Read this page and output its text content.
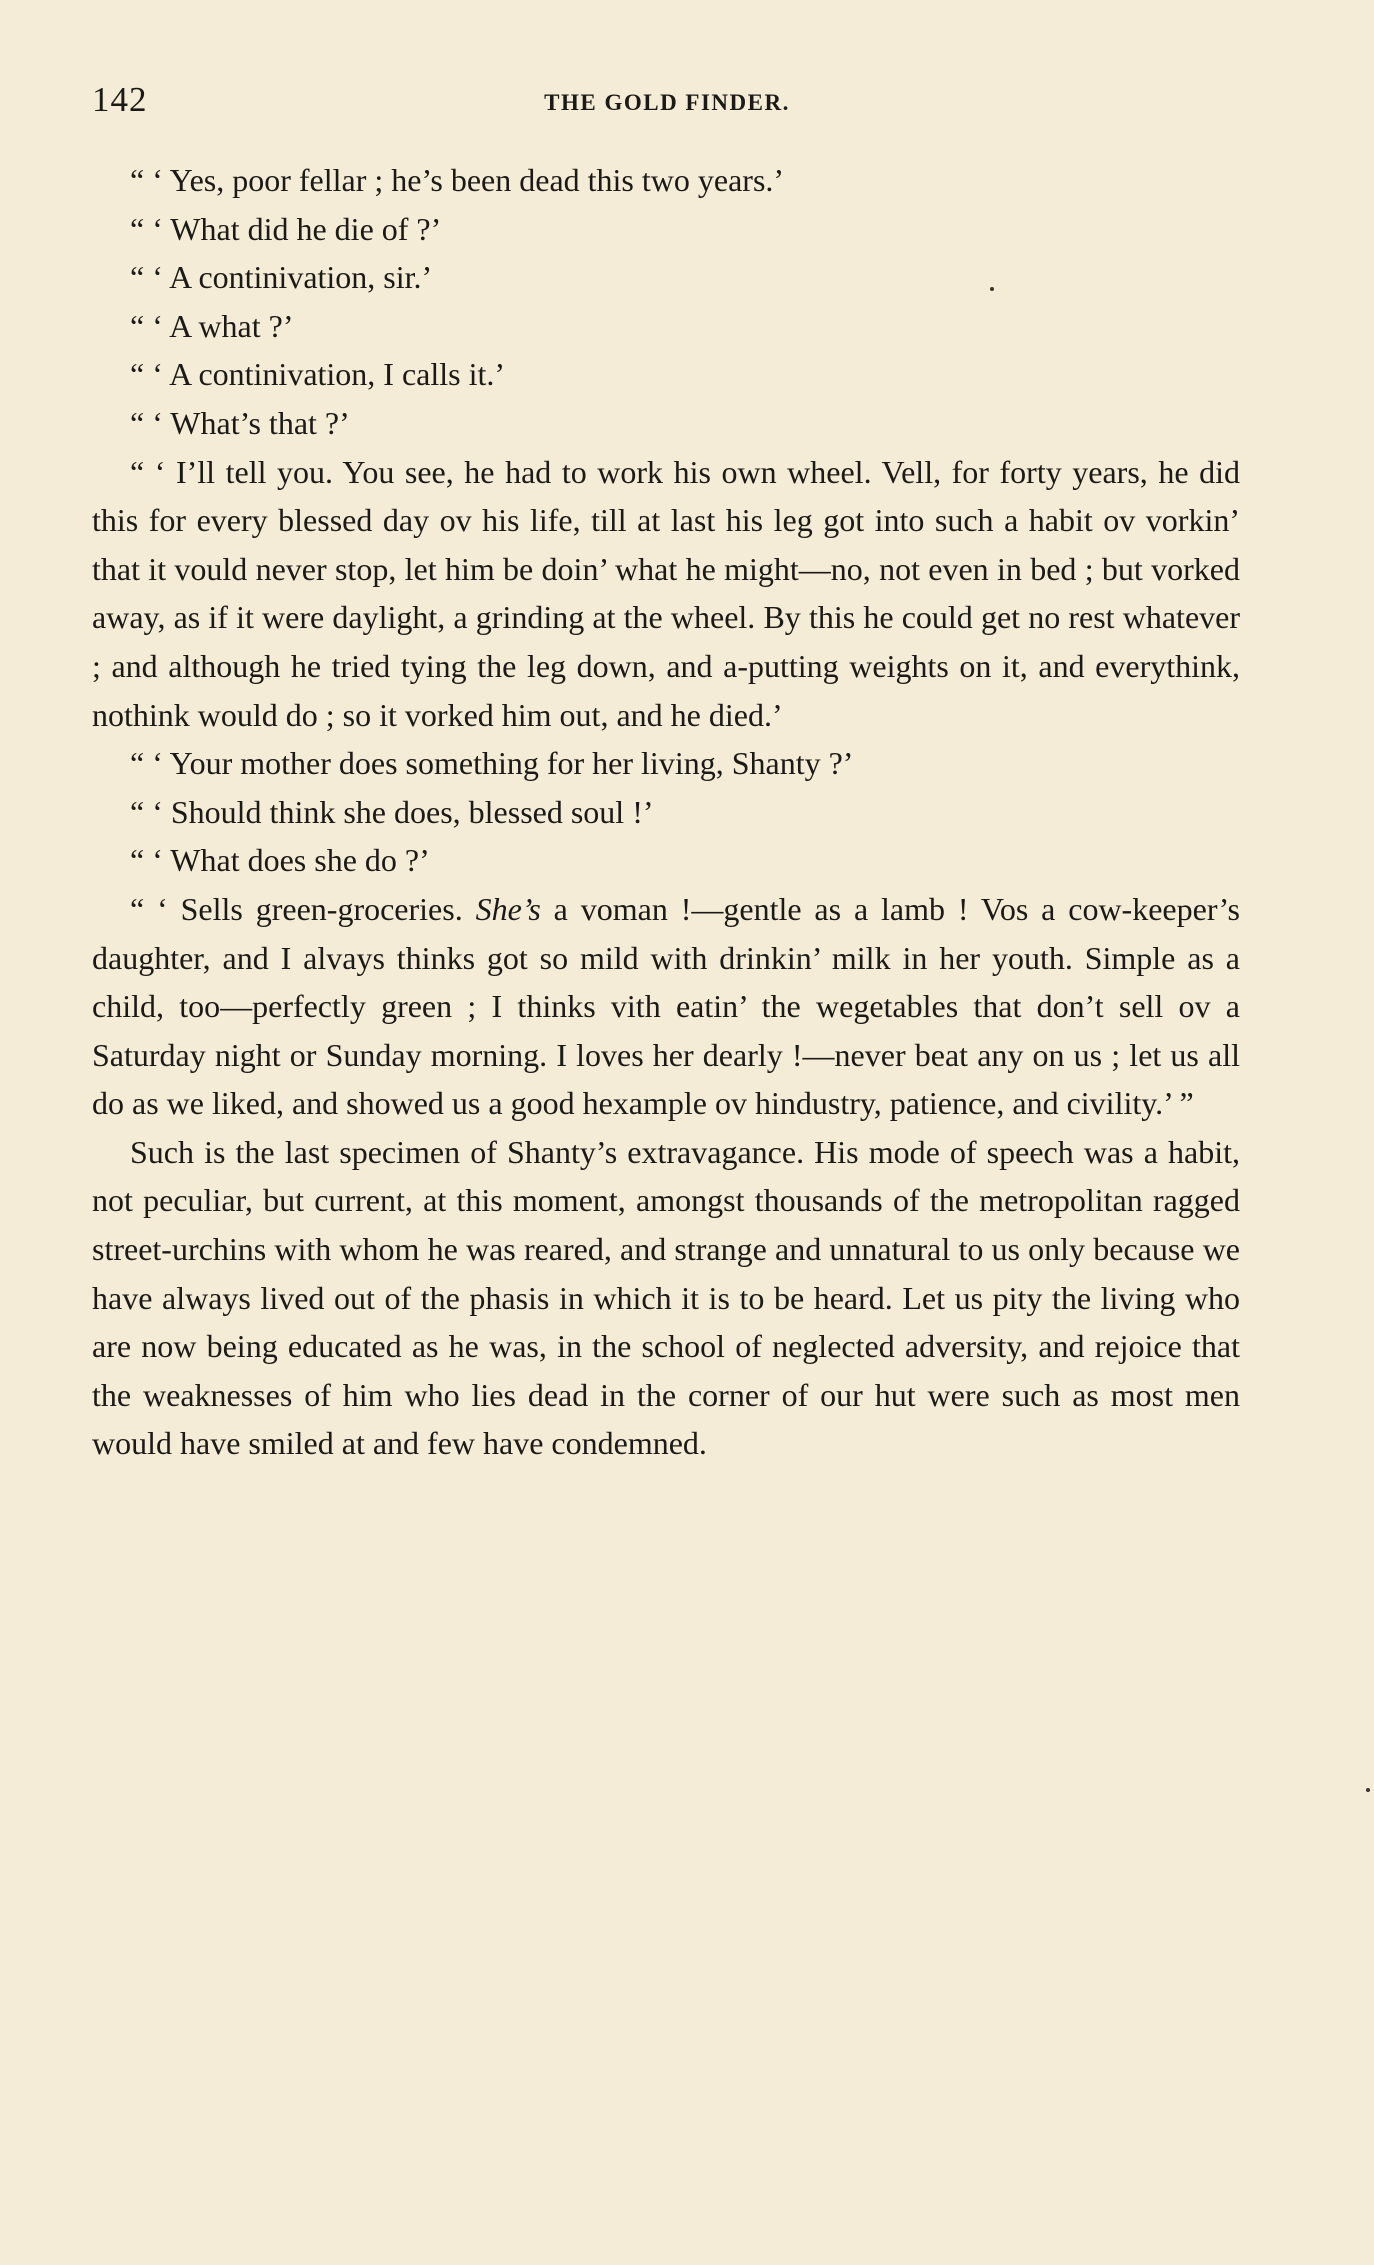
142	THE GOLD FINDER.

“ ‘ Yes, poor fellar ; he’s been dead this two years.’

“ ‘ What did he die of ?’

“ ‘ A continivation, sir.’

“ ‘ A what ?’

“ ‘ A continivation, I calls it.’

“ ‘ What’s that ?’

“ ‘ I’ll tell you. You see, he had to work his own wheel. Vell, for forty years, he did this for every blessed day ov his life, till at last his leg got into such a habit ov vorkin’ that it vould never stop, let him be doin’ what he might—no, not even in bed ; but vorked away, as if it were daylight, a grinding at the wheel. By this he could get no rest whatever ; and although he tried tying the leg down, and a-putting weights on it, and everythink, nothink would do ; so it vorked him out, and he died.’

“ ‘ Your mother does something for her living, Shanty ?’

“ ‘ Should think she does, blessed soul !’

“ ‘ What does she do ?’

“ ‘ Sells green-groceries. She’s a voman !—gentle as a lamb ! Vos a cow-keeper’s daughter, and I alvays thinks got so mild with drinkin’ milk in her youth. Simple as a child, too—perfectly green ; I thinks vith eatin’ the wegetables that don’t sell ov a Saturday night or Sunday morning. I loves her dearly !—never beat any on us ; let us all do as we liked, and showed us a good hexample ov hindustry, patience, and civility.’ ”

Such is the last specimen of Shanty’s extravagance. His mode of speech was a habit, not peculiar, but current, at this moment, amongst thousands of the metropolitan ragged street-urchins with whom he was reared, and strange and unnatural to us only because we have always lived out of the phasis in which it is to be heard. Let us pity the living who are now being educated as he was, in the school of neglected adversity, and rejoice that the weaknesses of him who lies dead in the corner of our hut were such as most men would have smiled at and few have condemned.
